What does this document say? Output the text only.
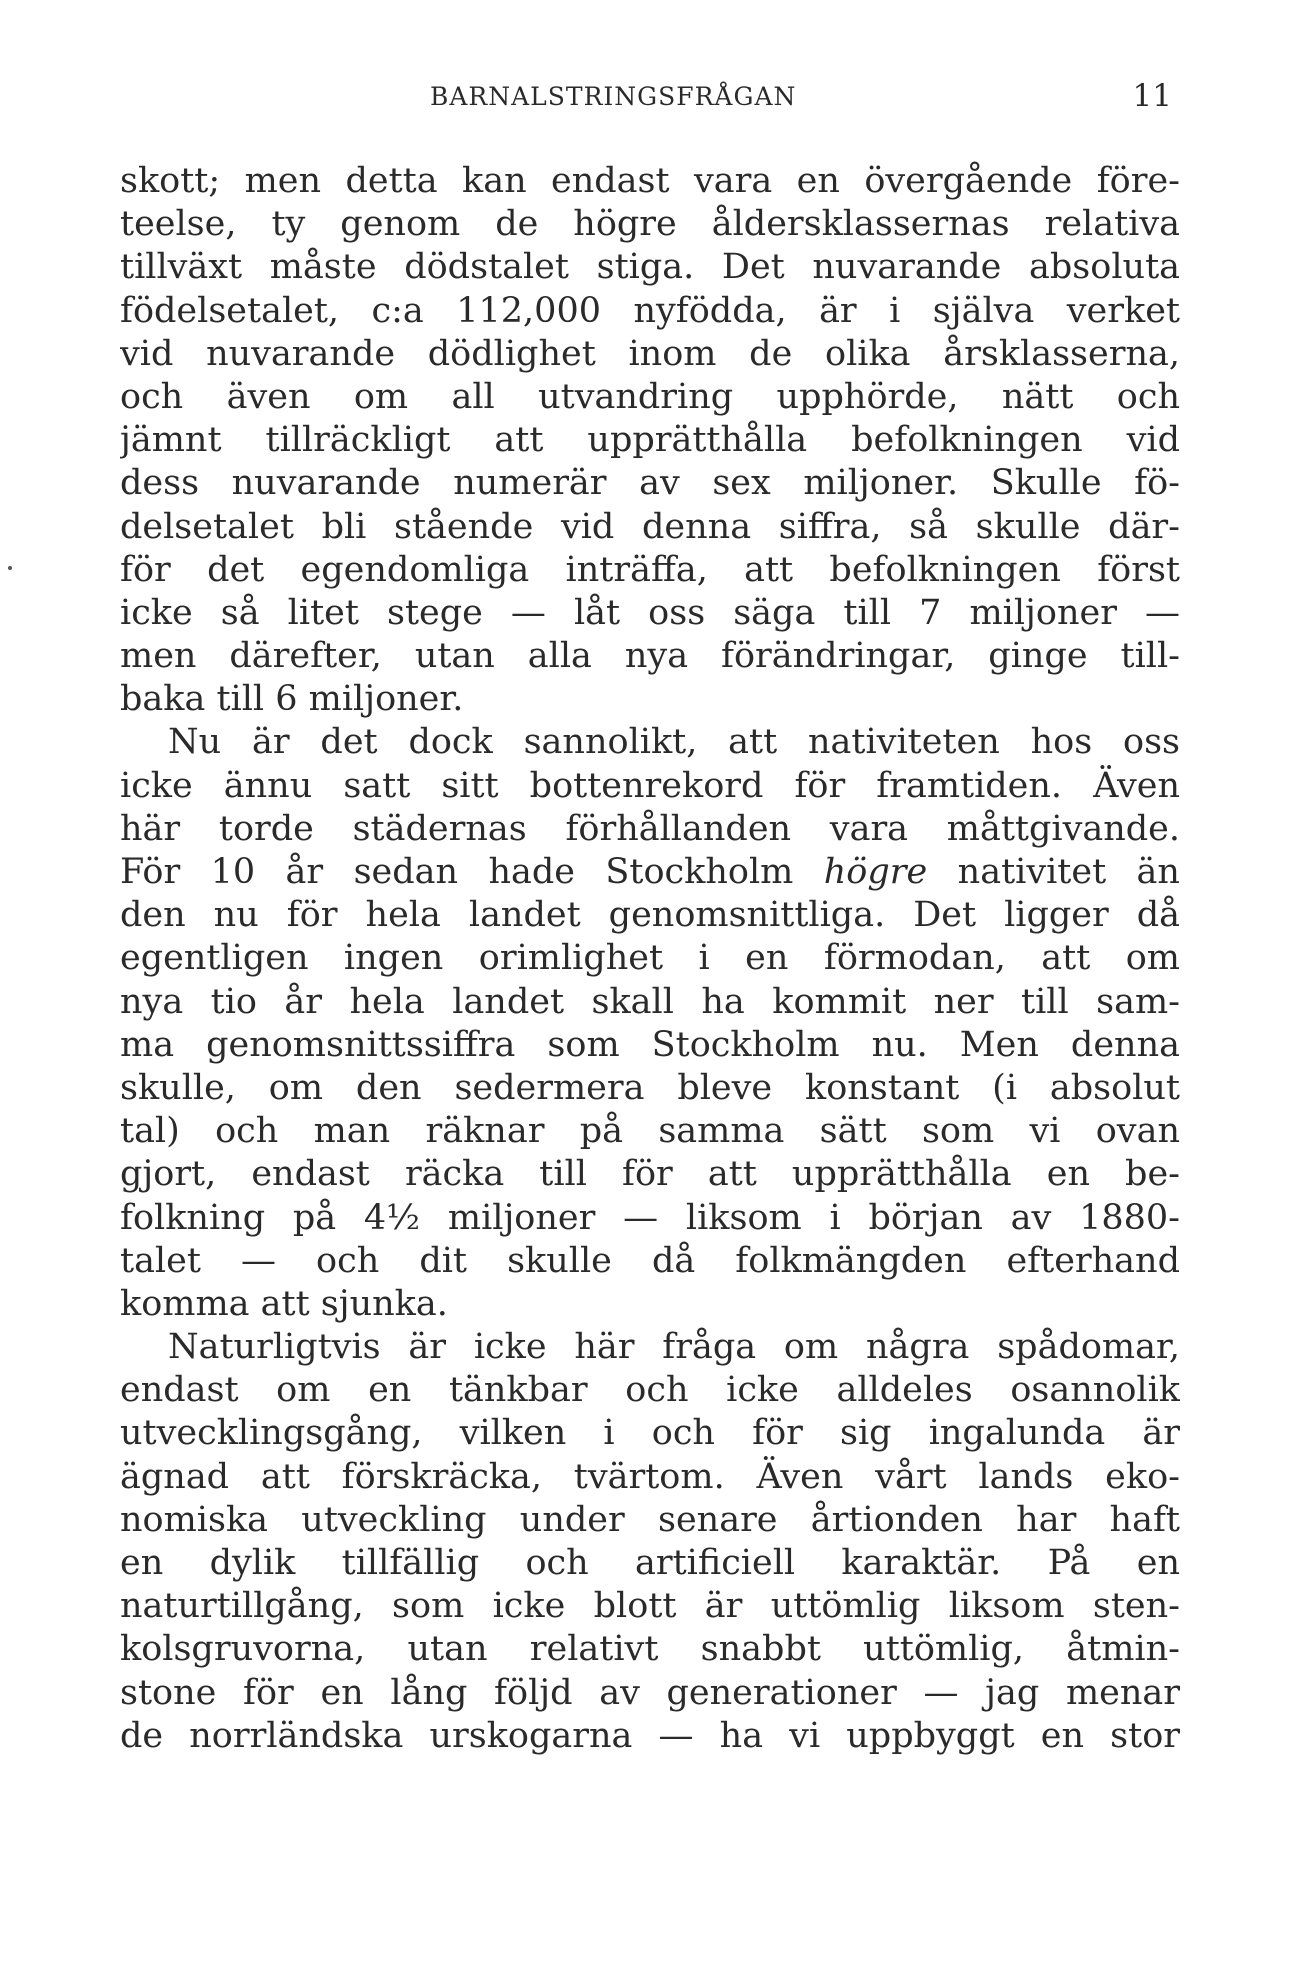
BARNALSTRINGSFRÅGAN	11
skott; men detta kan endast vara en övergående före-
teelse, ty genom de högre åldersklassernas relativa
tillväxt måste dödstalet stiga. Det nuvarande absoluta
födelsetalet, c:a 112,000 nyfödda, är i själva verket
vid nuvarande dödlighet inom de olika årsklasserna,
och även om all utvandring upphörde, nätt och
jämnt tillräckligt att upprätthålla befolkningen vid
dess nuvarande numerär av sex miljoner. Skulle fö-
delsetalet bli stående vid denna siffra, så skulle där-
för det egendomliga inträffa, att befolkningen först
icke så litet stege — låt oss säga till 7 miljoner —
men därefter, utan alla nya förändringar, ginge till-
baka till 6 miljoner.
Nu är det dock sannolikt, att nativiteten hos oss
icke ännu satt sitt bottenrekord för framtiden. Även
här torde städernas förhållanden vara måttgivande.
För 10 år sedan hade Stockholm högre nativitet än
den nu för hela landet genomsnittliga. Det ligger då
egentligen ingen orimlighet i en förmodan, att om
nya tio år hela landet skall ha kommit ner till sam-
ma genomsnittssiffra som Stockholm nu. Men denna
skulle, om den sedermera bleve konstant (i absolut
tal) och man räknar på samma sätt som vi ovan
gjort, endast räcka till för att upprätthålla en be-
folkning på 4½ miljoner — liksom i början av 1880-
talet — och dit skulle då folkmängden efterhand
komma att sjunka.
Naturligtvis är icke här fråga om några spådomar,
endast om en tänkbar och icke alldeles osannolik
utvecklingsgång, vilken i och för sig ingalunda är
ägnad att förskräcka, tvärtom. Även vårt lands eko-
nomiska utveckling under senare årtionden har haft
en dylik tillfällig och artificiell karaktär. På en
naturtillgång, som icke blott är uttömlig liksom sten-
kolsgruvorna, utan relativt snabbt uttömlig, åtmin-
stone för en lång följd av generationer — jag menar
de norrländska urskogarna — ha vi uppbyggt en stor
